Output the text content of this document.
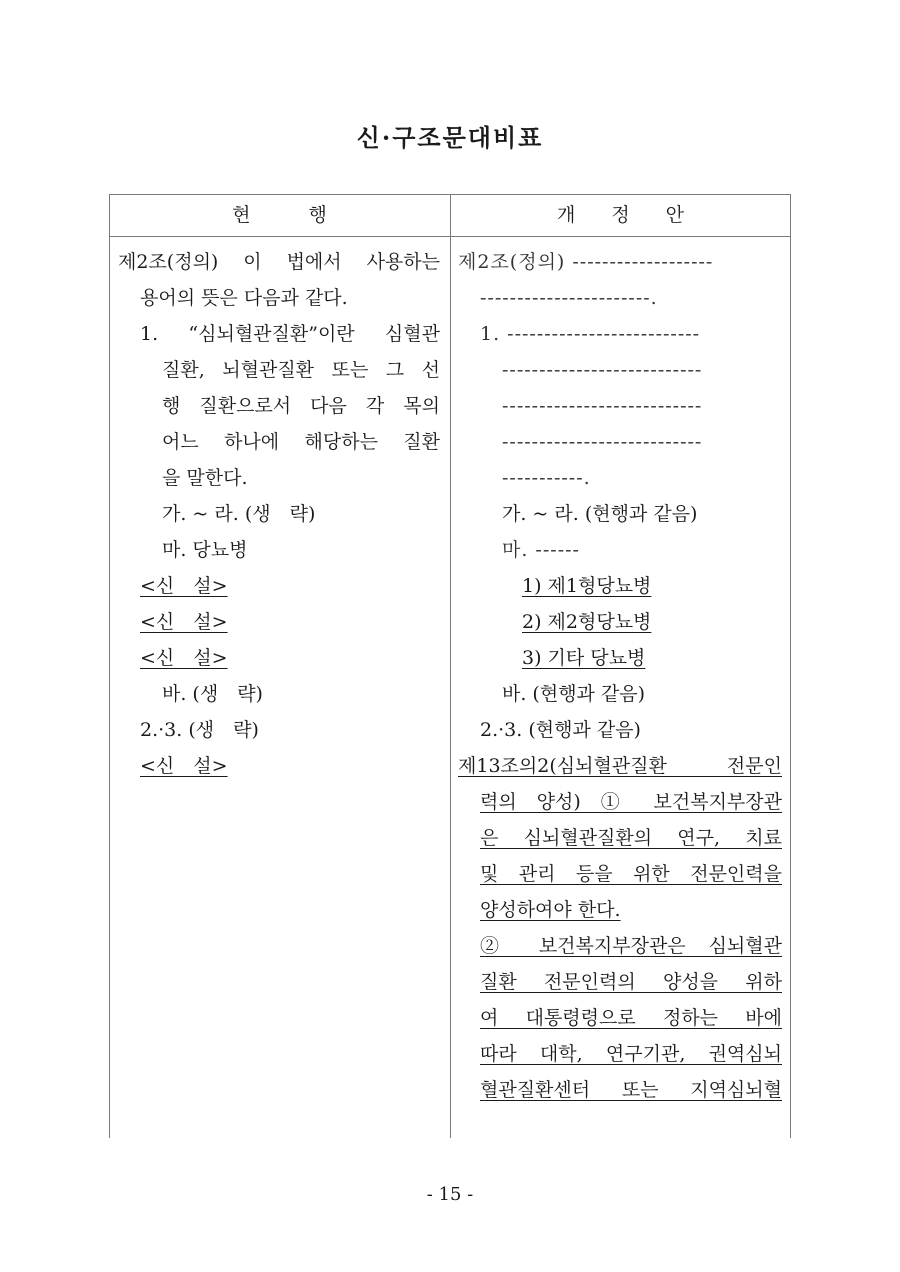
신·구조문대비표
현	행	개 정 안
제2조(정의) 이 법에서 사용하는
용어의 뜻은 다음과 같다.
1. “심뇌혈관질환”이란 심혈관
질환, 뇌혈관질환 또는 그 선
행 질환으로서 다음 각 목의
어느 하나에 해당하는 질환
을 말한다.
가. ~ 라. (생　략)
마. 당뇨병
<신　설>
<신　설>
<신　설>
바. (생　략)
2.·3. (생　략)
<신　설>
제2조(정의) -------------------
-----------------------.
1. --------------------------
---------------------------
---------------------------
---------------------------
-----------.
가. ~ 라. (현행과 같음)
마. ------
1) 제1형당뇨병
2) 제2형당뇨병
3) 기타 당뇨병
바. (현행과 같음)
2.·3. (현행과 같음)
제13조의2(심뇌혈관질환　전문인
력의 양성) ① 보건복지부장관
은 심뇌혈관질환의 연구, 치료
및 관리 등을 위한 전문인력을
양성하여야 한다.
② 보건복지부장관은 심뇌혈관
질환 전문인력의 양성을 위하
여 대통령령으로 정하는 바에
따라 대학, 연구기관, 권역심뇌
혈관질환센터 또는 지역심뇌혈
- 15 -
